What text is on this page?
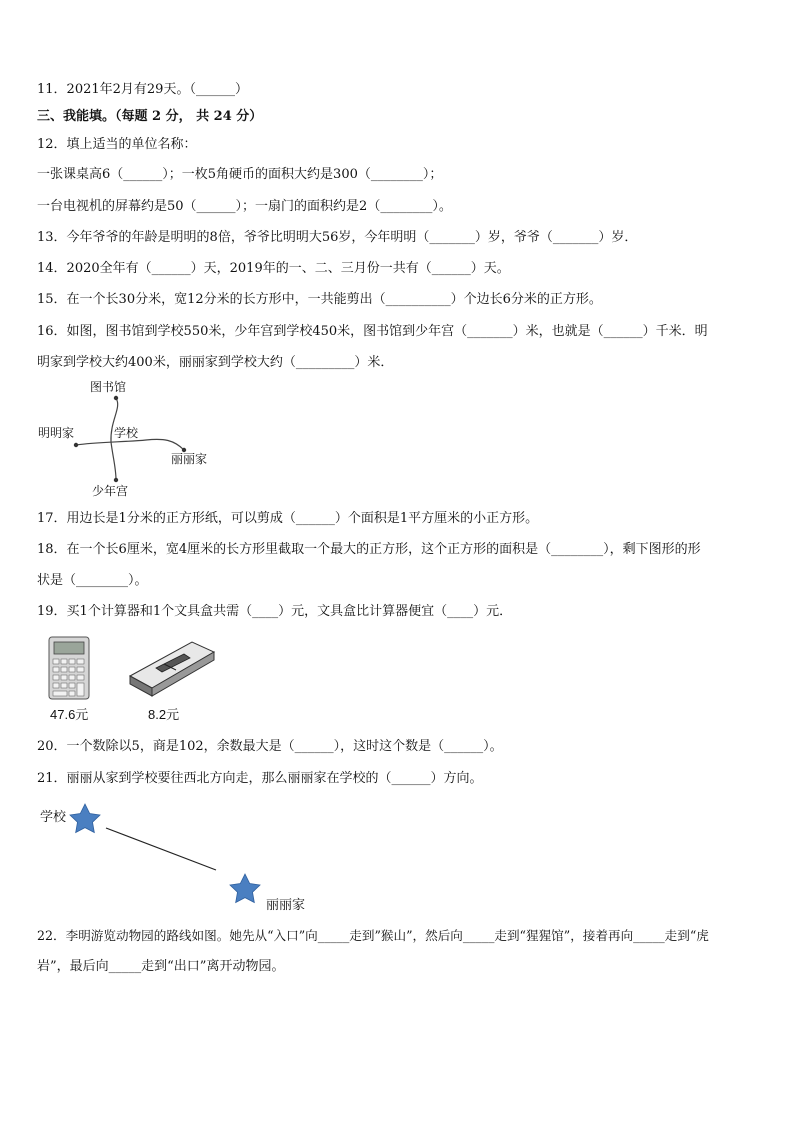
11．2021年2月有29天。（______）
三、我能填。（每题 2 分， 共 24 分）
12．填上适当的单位名称：
一张课桌高6（______）；一枚5角硬币的面积大约是300（________）；
一台电视机的屏幕约是50（______）；一扇门的面积约是2（________）。
13．今年爷爷的年龄是明明的8倍，爷爷比明明大56岁，今年明明（_______）岁，爷爷（_______）岁．
14．2020全年有（______）天，2019年的一、二、三月份一共有（______）天。
15．在一个长30分米，宽12分米的长方形中，一共能剪出（__________）个边长6分米的正方形。
16．如图，图书馆到学校550米，少年宫到学校450米，图书馆到少年宫（_______）米，也就是（______）千米．明
明家到学校大约400米，丽丽家到学校大约（_________）米．
图书馆
学校
明明家
丽丽家
少年宫
17．用边长是1分米的正方形纸，可以剪成（______）个面积是1平方厘米的小正方形。
18．在一个长6厘米，宽4厘米的长方形里截取一个最大的正方形，这个正方形的面积是（________），剩下图形的形
状是（________）。
19．买1个计算器和1个文具盒共需（____）元，文具盒比计算器便宜（____）元．
47.6元	8.2元
20．一个数除以5，商是102，余数最大是（______），这时这个数是（______）。
21．丽丽从家到学校要往西北方向走，那么丽丽家在学校的（______）方向。
学校
丽丽家
22．李明游览动物园的路线如图。她先从“入口”向_____走到”猴山”，然后向_____走到“猩猩馆”，接着再向_____走到“虎
岩”，最后向_____走到“出口”离开动物园。
